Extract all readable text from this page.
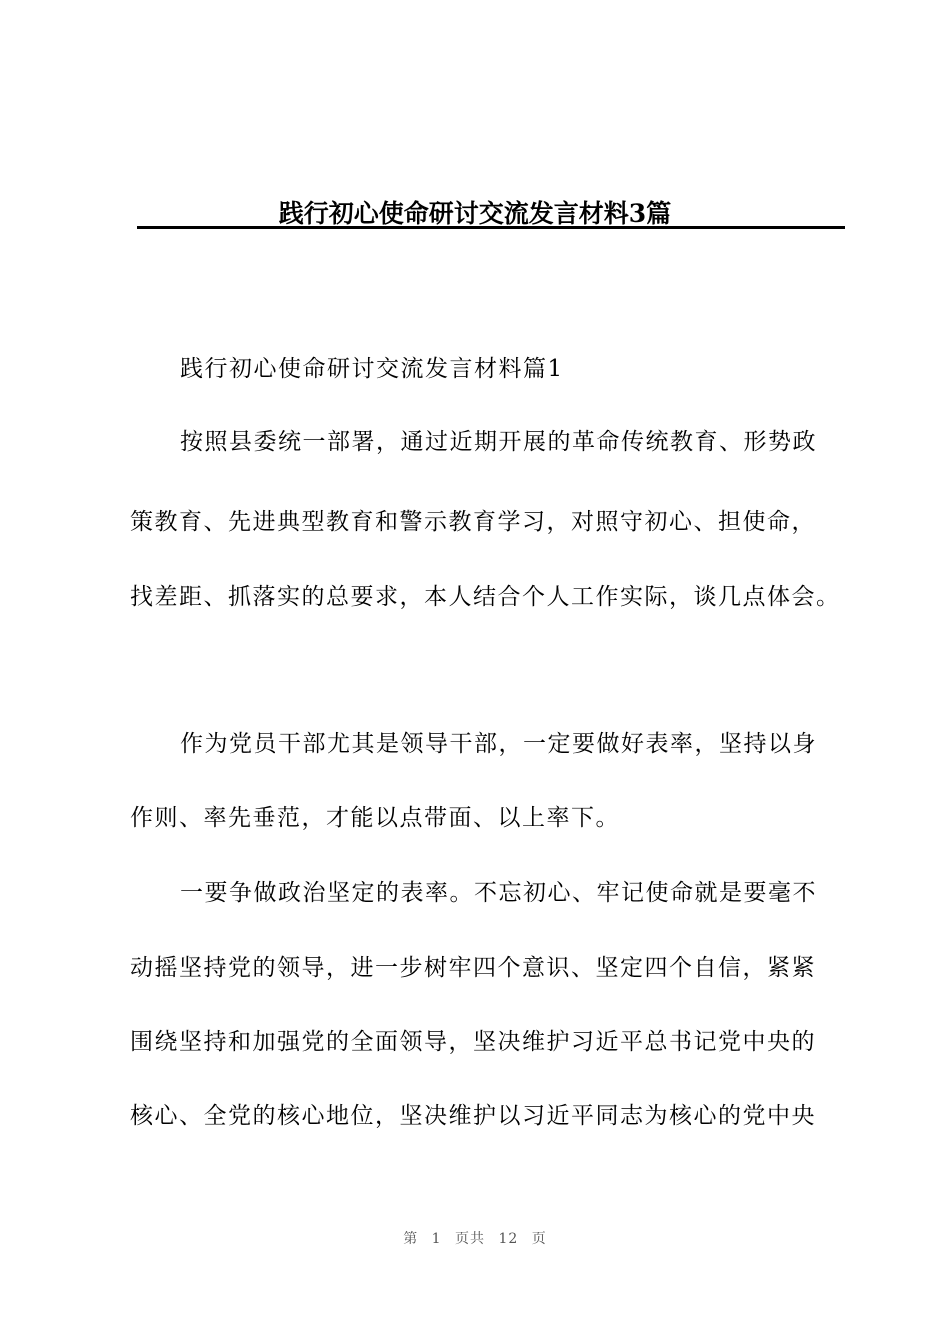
践行初心使命研讨交流发言材料3篇
践行初心使命研讨交流发言材料篇1
按照县委统一部署，通过近期开展的革命传统教育、形势政
策教育、先进典型教育和警示教育学习，对照守初心、担使命，
找差距、抓落实的总要求，本人结合个人工作实际，谈几点体会。
作为党员干部尤其是领导干部，一定要做好表率，坚持以身
作则、率先垂范，才能以点带面、以上率下。
一要争做政治坚定的表率。不忘初心、牢记使命就是要毫不
动摇坚持党的领导，进一步树牢四个意识、坚定四个自信，紧紧
围绕坚持和加强党的全面领导，坚决维护习近平总书记党中央的
核心、全党的核心地位，坚决维护以习近平同志为核心的党中央
第 1 页共 12 页
